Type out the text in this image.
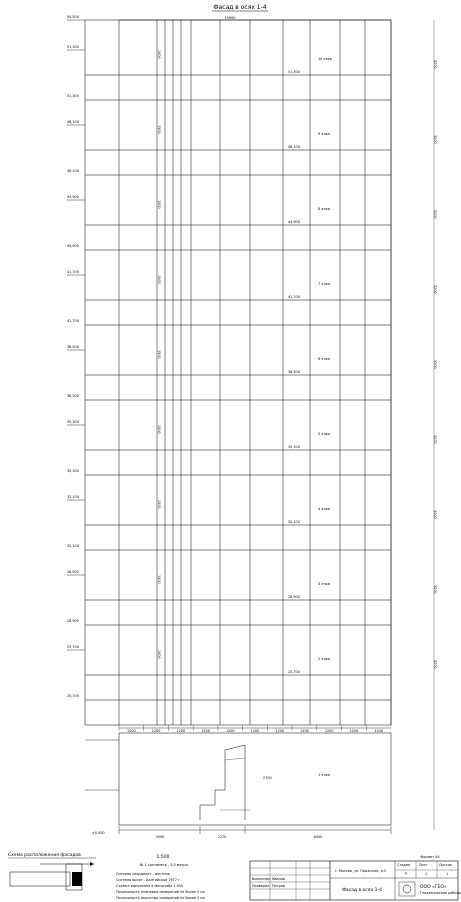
Фасад в осях 1-4
15900
51,300
51,300
51,300
10 этаж
3200
1500
48,100
48,100
48,100
9 этаж
3200
1500
44,900
44,900
44,900
8 этаж
3200
1500
41,700
41,700
41,700
7 этаж
3200
1500
38,500
38,500
38,500
6 этаж
3200
1500
35,300
35,300
35,300
5 этаж
3200
1500
32,100
32,100
32,100
4 этаж
3200
1500
28,900
28,900
28,900
3 этаж
3200
1500
25,700
25,700
25,700
2 этаж
3200
1500
54,500
1200	1200	1200	1200	1200	1200	1200	1200	1200	1200	1200
1 этаж
2700
4500	2170	6000
±0,000
Схема расположения фасадов	1:500
№ 1 сантиметр - 5,0 метра
Система координат - местная
Система высот - Балтийская 1977 г.
Съемка выполнена в масштабе 1:500
Погрешность плановых измерений не более 5 см
Погрешность высотных измерений не более 3 см
Выполнил Иванов
Проверил Петров
г. Москва, ул. Пражская, д.5
Фасад в осях 1-4
Стадия	Лист	Листов
Р	1	1
ООО «ГЕО»
Геодезические работы
Формат А4
